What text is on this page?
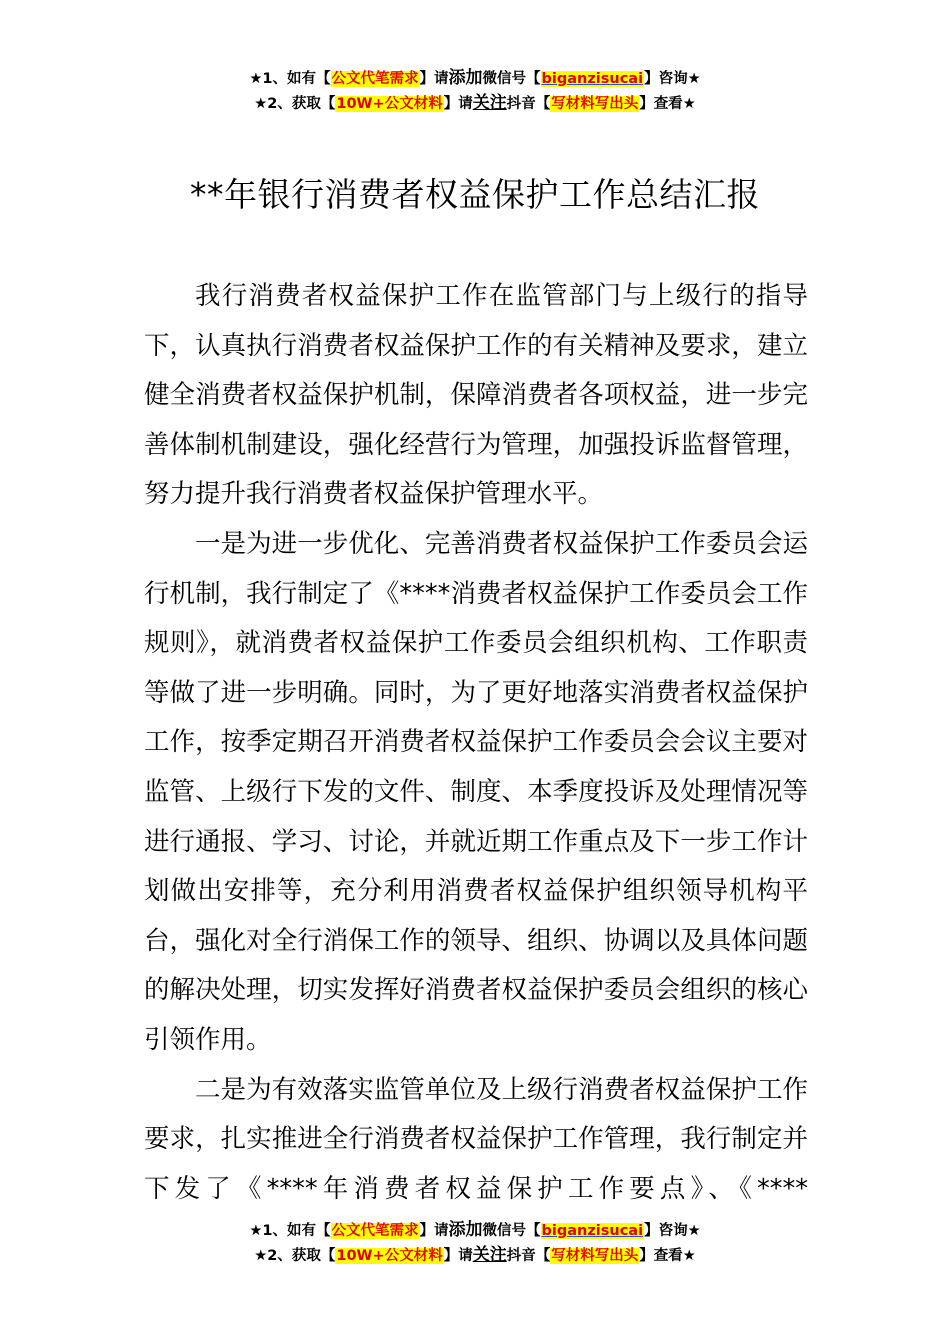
★1、如有【公文代笔需求】请添加微信号【biganzisucai】咨询★
★2、获取【10W+公文材料】请关注抖音【写材料写出头】查看★
**年银行消费者权益保护工作总结汇报

我行消费者权益保护工作在监管部门与上级行的指导下，认真执行消费者权益保护工作的有关精神及要求，建立健全消费者权益保护机制，保障消费者各项权益，进一步完善体制机制建设，强化经营行为管理，加强投诉监督管理，努力提升我行消费者权益保护管理水平。

一是为进一步优化、完善消费者权益保护工作委员会运行机制，我行制定了《****消费者权益保护工作委员会工作规则》，就消费者权益保护工作委员会组织机构、工作职责等做了进一步明确。同时，为了更好地落实消费者权益保护工作，按季定期召开消费者权益保护工作委员会会议主要对监管、上级行下发的文件、制度、本季度投诉及处理情况等进行通报、学习、讨论，并就近期工作重点及下一步工作计划做出安排等，充分利用消费者权益保护组织领导机构平台，强化对全行消保工作的领导、组织、协调以及具体问题的解决处理，切实发挥好消费者权益保护委员会组织的核心引领作用。

二是为有效落实监管单位及上级行消费者权益保护工作要求，扎实推进全行消费者权益保护工作管理，我行制定并下发了《****年消费者权益保护工作要点》、《****

★1、如有【公文代笔需求】请添加微信号【biganzisucai】咨询★
★2、获取【10W+公文材料】请关注抖音【写材料写出头】查看★
